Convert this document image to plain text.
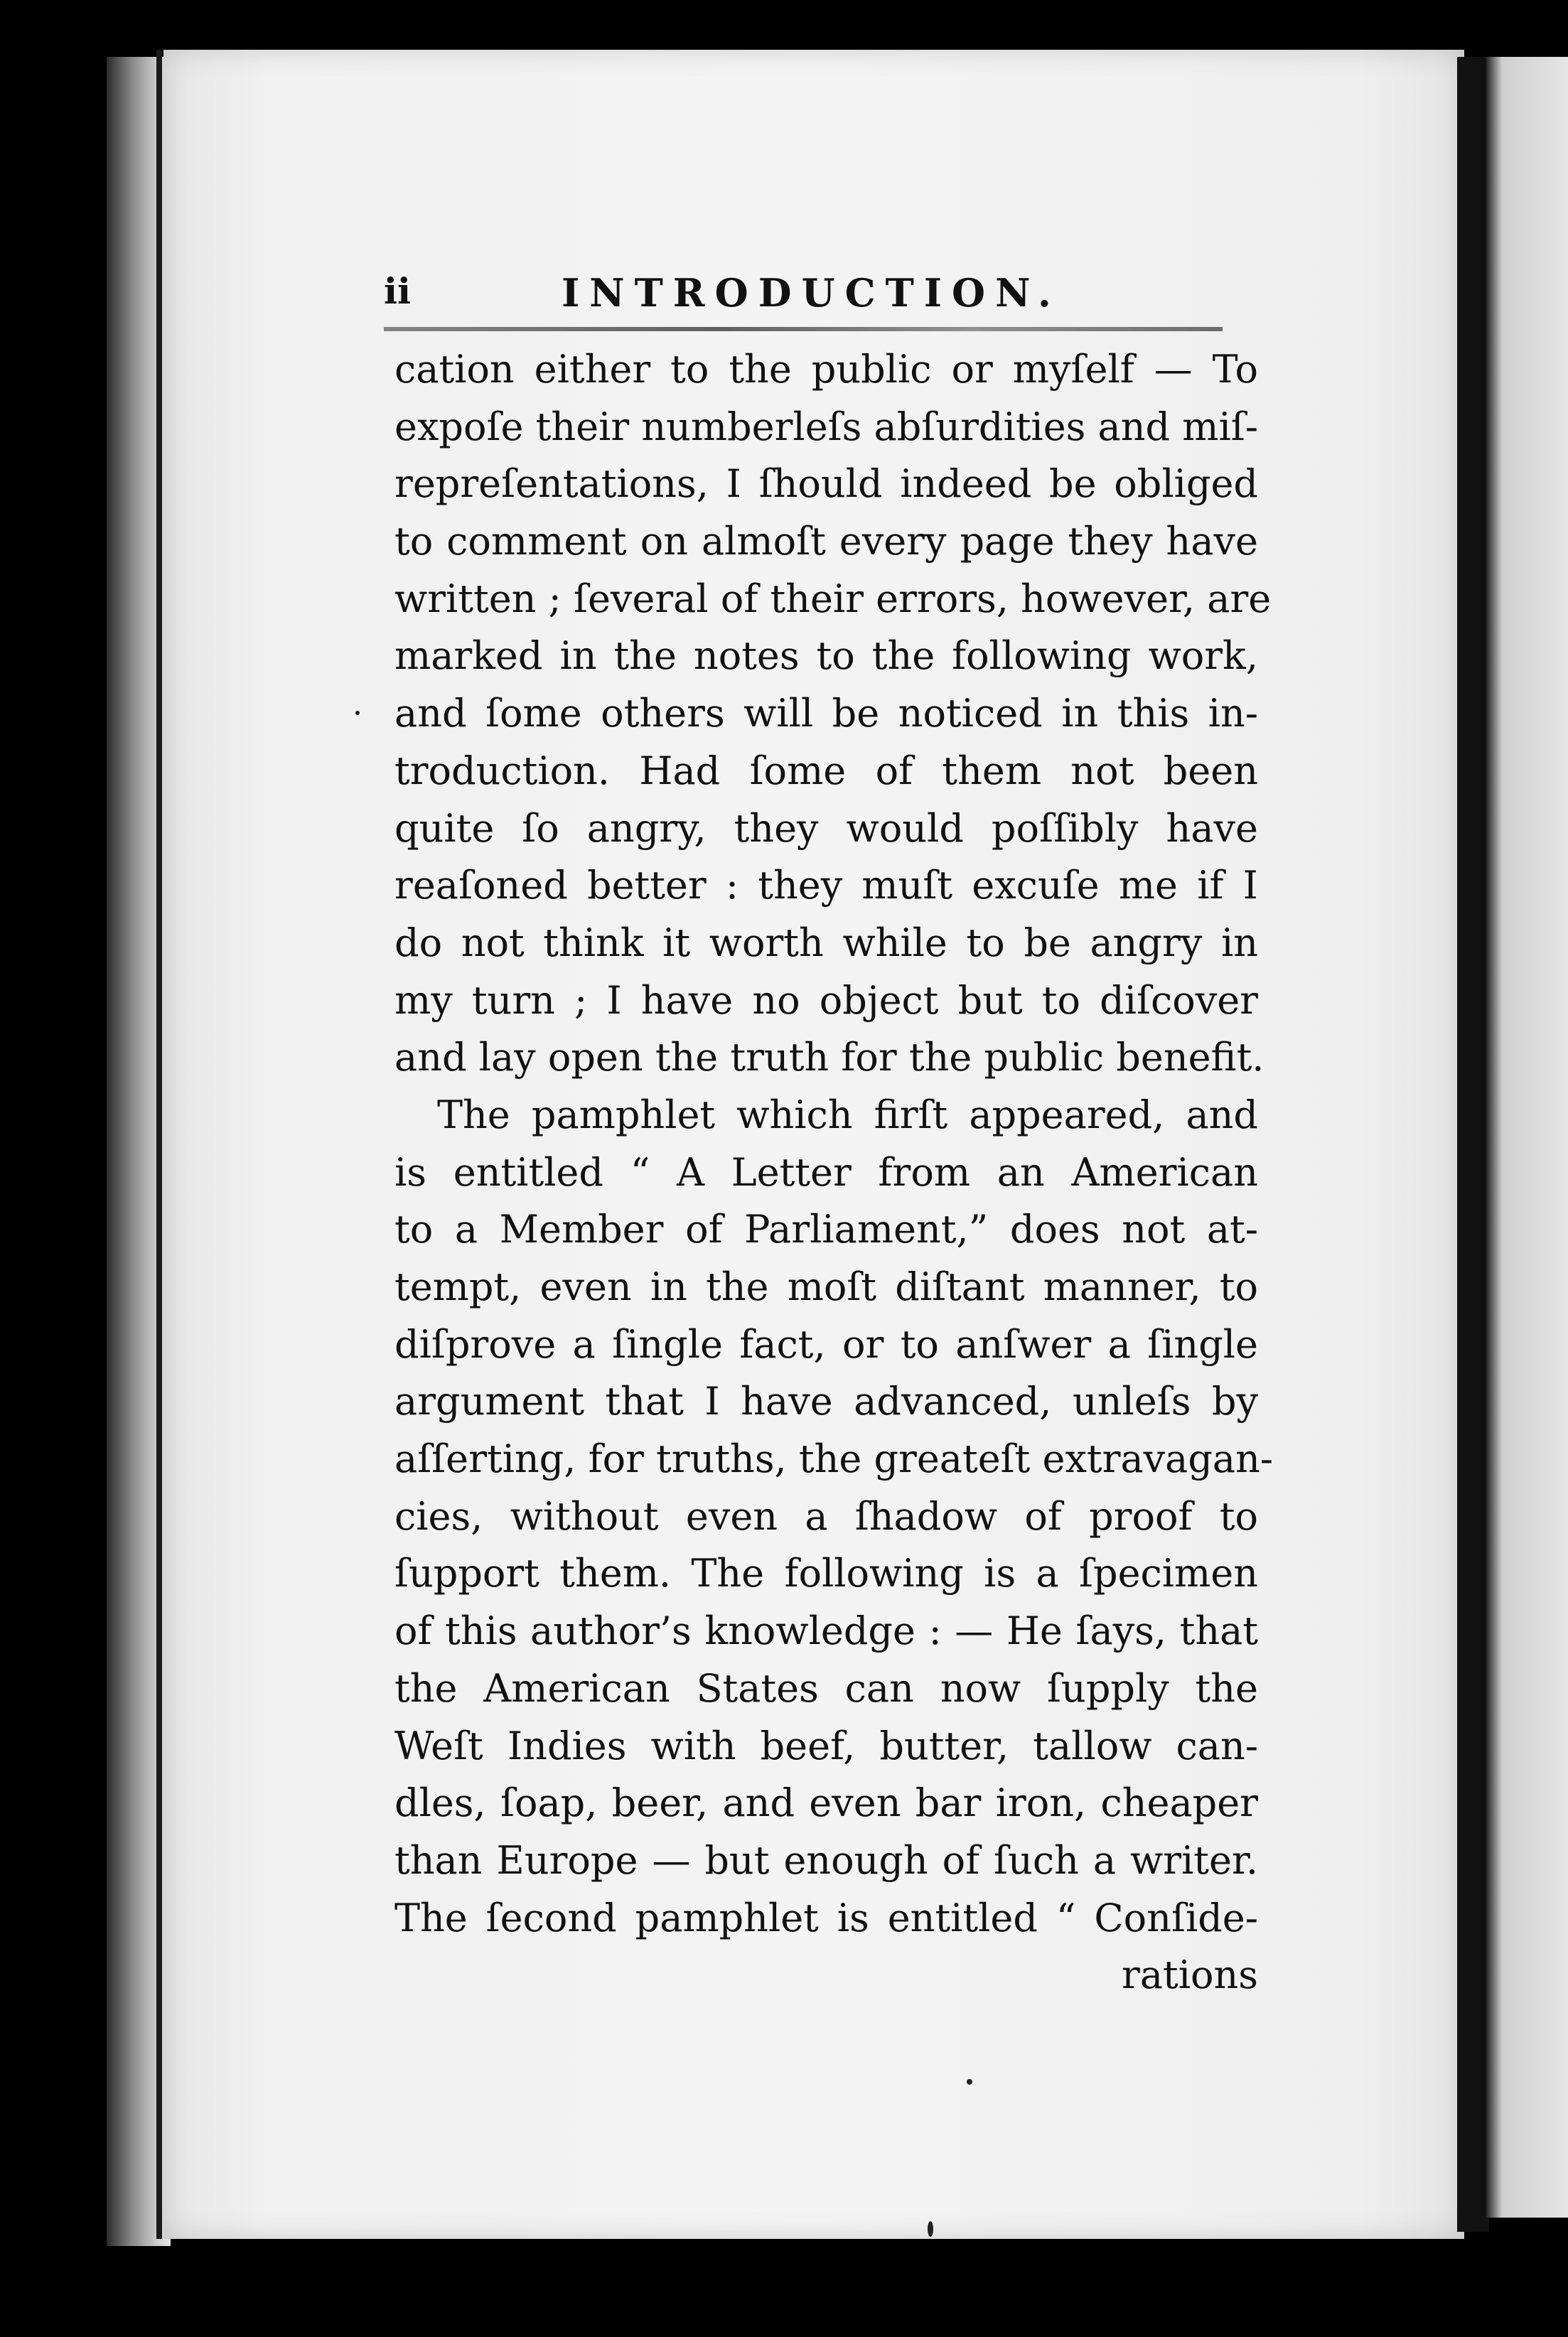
ii	INTRODUCTION.
cation either to the public or myſelf — To
expoſe their numberleſs abſurdities and miſ-
repreſentations, I ſhould indeed be obliged
to comment on almoſt every page they have
written ; ſeveral of their errors, however, are
marked in the notes to the following work,
and ſome others will be noticed in this in-
troduction. Had ſome of them not been
quite ſo angry, they would poſſibly have
reaſoned better : they muſt excuſe me if I
do not think it worth while to be angry in
my turn ; I have no object but to diſcover
and lay open the truth for the public benefit.
The pamphlet which firſt appeared, and
is entitled “ A Letter from an American
to a Member of Parliament,” does not at-
tempt, even in the moſt diſtant manner, to
diſprove a ſingle fact, or to anſwer a ſingle
argument that I have advanced, unleſs by
aſſerting, for truths, the greateſt extravagan-
cies, without even a ſhadow of proof to
ſupport them. The following is a ſpecimen
of this author’s knowledge : — He ſays, that
the American States can now ſupply the
Weſt Indies with beef, butter, tallow can-
dles, ſoap, beer, and even bar iron, cheaper
than Europe — but enough of ſuch a writer.
The ſecond pamphlet is entitled “ Conſide-
rations
